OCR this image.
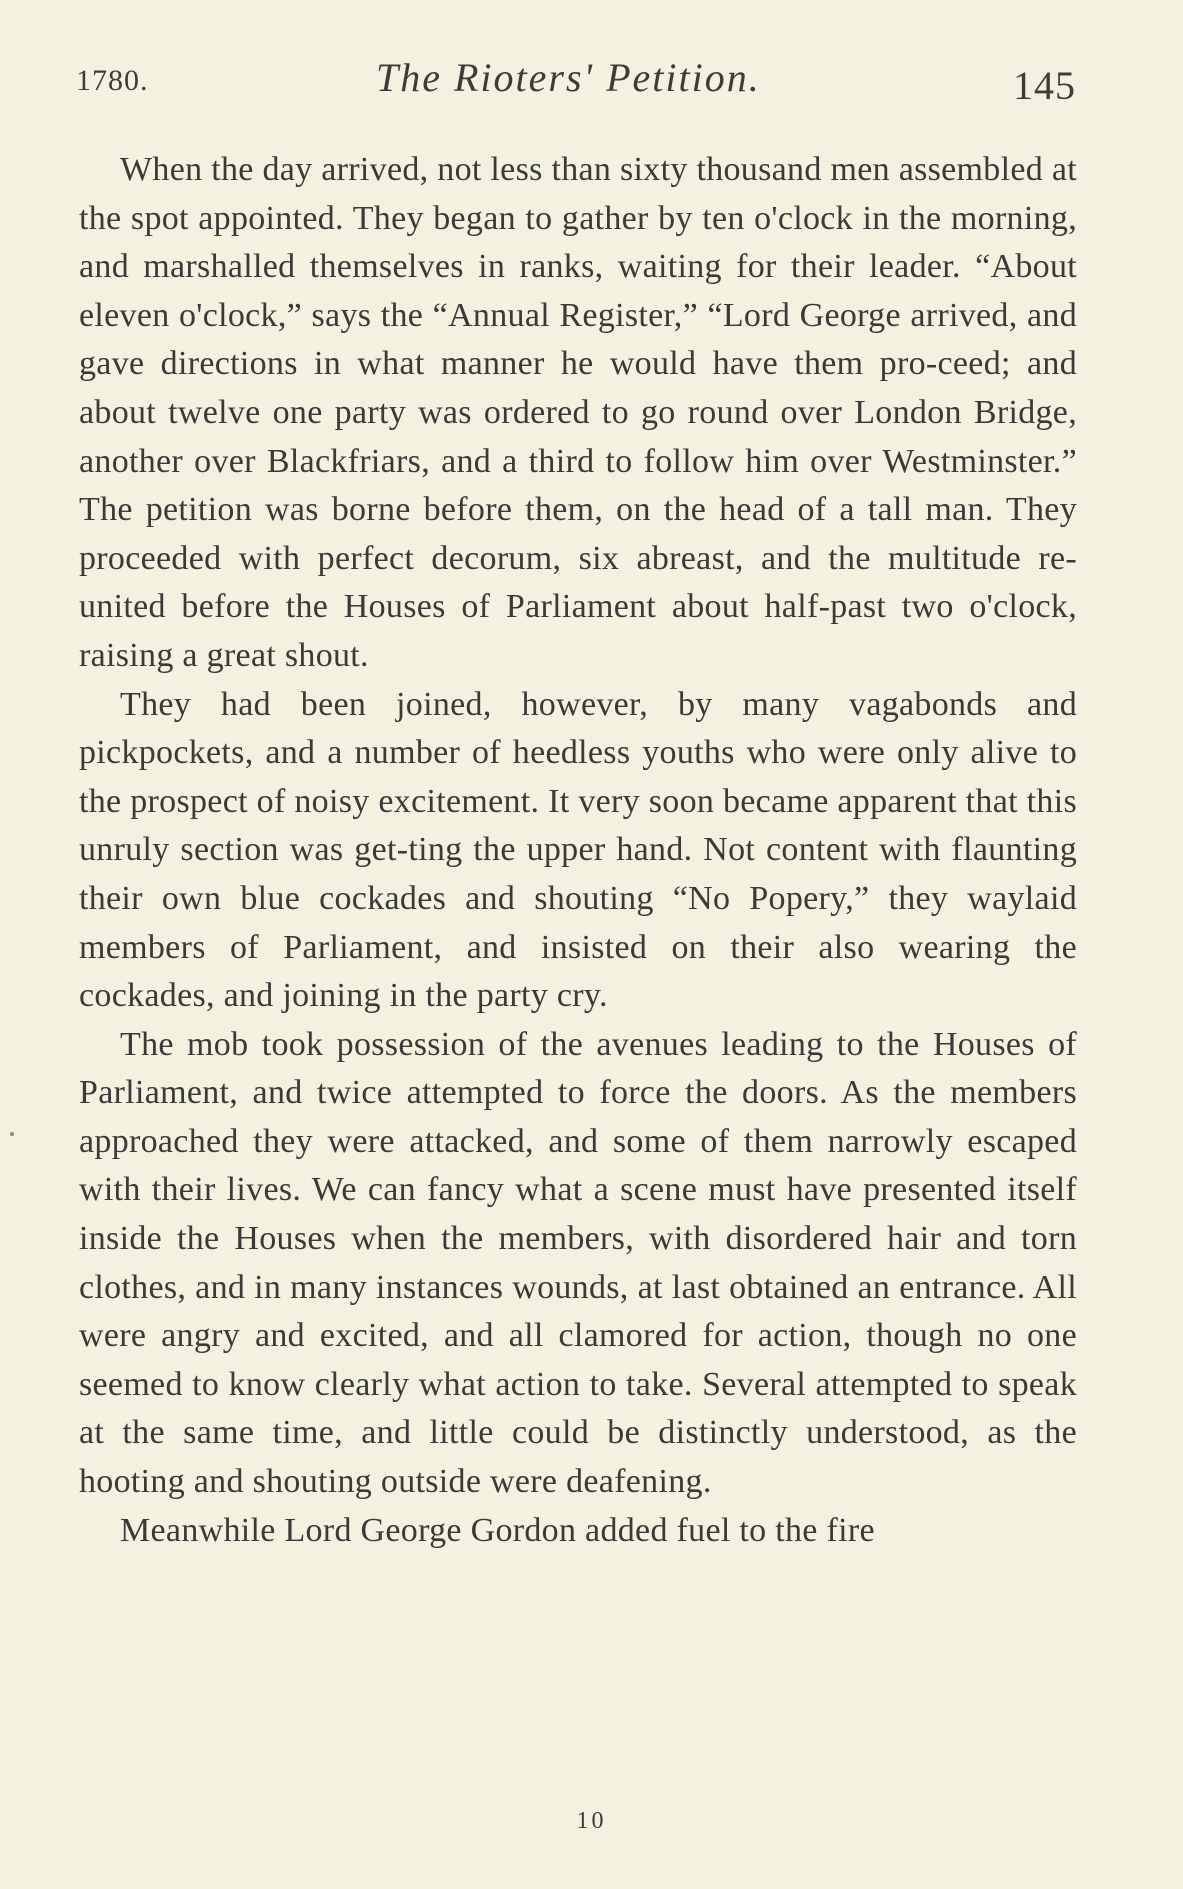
1780.	The Rioters' Petition.	145

When the day arrived, not less than sixty thousand men assembled at the spot appointed. They began to gather by ten o'clock in the morning, and marshalled themselves in ranks, waiting for their leader. “About eleven o'clock,” says the “Annual Register,” “Lord George arrived, and gave directions in what manner he would have them pro-ceed; and about twelve one party was ordered to go round over London Bridge, another over Blackfriars, and a third to follow him over Westminster.” The petition was borne before them, on the head of a tall man. They proceeded with perfect decorum, six abreast, and the multitude re-united before the Houses of Parliament about half-past two o'clock, raising a great shout.

They had been joined, however, by many vagabonds and pickpockets, and a number of heedless youths who were only alive to the prospect of noisy excitement. It very soon became apparent that this unruly section was get-ting the upper hand. Not content with flaunting their own blue cockades and shouting “No Popery,” they waylaid members of Parliament, and insisted on their also wearing the cockades, and joining in the party cry.

The mob took possession of the avenues leading to the Houses of Parliament, and twice attempted to force the doors. As the members approached they were attacked, and some of them narrowly escaped with their lives. We can fancy what a scene must have presented itself inside the Houses when the members, with disordered hair and torn clothes, and in many instances wounds, at last obtained an entrance. All were angry and excited, and all clamored for action, though no one seemed to know clearly what action to take. Several attempted to speak at the same time, and little could be distinctly understood, as the hooting and shouting outside were deafening.

Meanwhile Lord George Gordon added fuel to the fire

10
